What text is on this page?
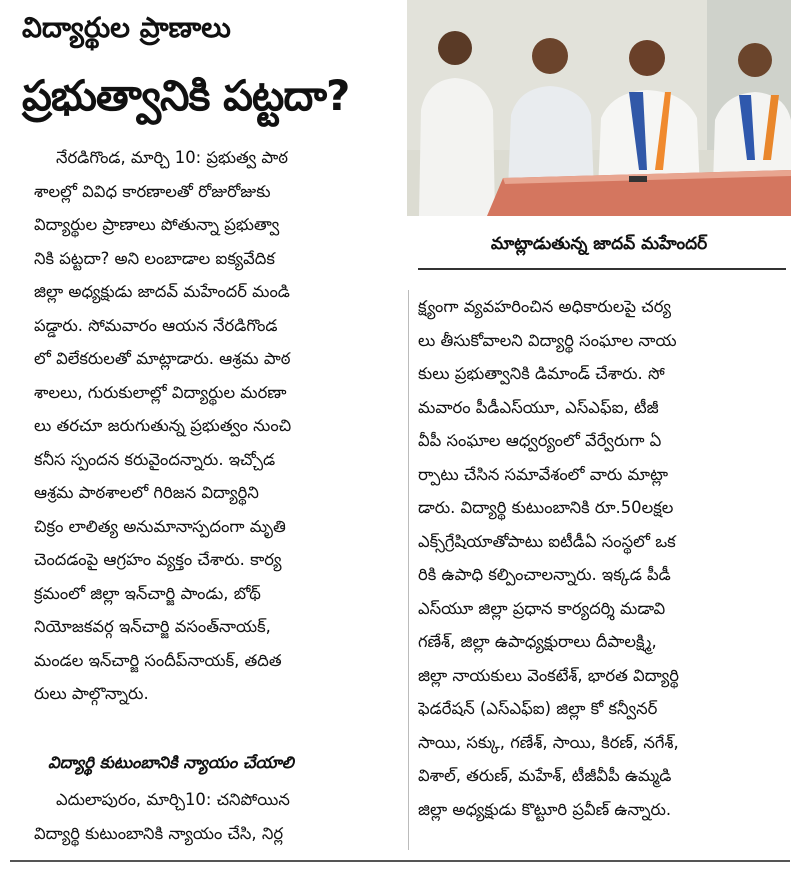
విద్యార్థుల ప్రాణాలు
ప్రభుత్వానికి పట్టదా?
నేరడిగొండ, మార్చి 10: ప్రభుత్వ పాఠ
శాలల్లో వివిధ కారణాలతో రోజురోజుకు
విద్యార్థుల ప్రాణాలు పోతున్నా ప్రభుత్వా
నికి పట్టదా? అని లంబాడాల ఐక్యవేదిక
జిల్లా అధ్యక్షుడు జాదవ్ మహేందర్ మండి
పడ్డారు. సోమవారం ఆయన నేరడిగొండ
లో విలేకరులతో మాట్లాడారు. ఆశ్రమ పాఠ
శాలలు, గురుకులాల్లో విద్యార్థుల మరణా
లు తరచూ జరుగుతున్న ప్రభుత్వం నుంచి
కనీస స్పందన కరువైందన్నారు. ఇచ్చోడ
ఆశ్రమ పాఠశాలలో గిరిజన విద్యార్థిని
చిక్రం లాలిత్య అనుమానాస్పదంగా మృతి
చెందడంపై ఆగ్రహం వ్యక్తం చేశారు. కార్య
క్రమంలో జిల్లా ఇన్‌చార్జి పాండు, బోథ్
నియోజకవర్గ ఇన్‌చార్జి వసంత్‌నాయక్,
మండల ఇన్‌చార్జి సందీప్‌నాయక్, తదిత
రులు పాల్గొన్నారు.
విద్యార్థి కుటుంబానికి న్యాయం చేయాలి
ఎదులాపురం, మార్చి10: చనిపోయిన
విద్యార్థి కుటుంబానికి న్యాయం చేసి, నిర్ల
మాట్లాడుతున్న జాదవ్ మహేందర్
క్ష్యంగా వ్యవహరించిన అధికారులపై చర్య
లు తీసుకోవాలని విద్యార్థి సంఘాల నాయ
కులు ప్రభుత్వానికి డిమాండ్ చేశారు. సో
మవారం పీడీఎస్‌యూ, ఎస్‌ఎఫ్‌ఐ, టీజీ
వీపీ సంఘాల ఆధ్వర్యంలో వేర్వేరుగా ఏ
ర్పాటు చేసిన సమావేశంలో వారు మాట్లా
డారు. విద్యార్థి కుటుంబానికి రూ.50లక్షల
ఎక్స్‌గ్రేషియాతోపాటు ఐటీడీఏ సంస్థలో ఒక
రికి ఉపాధి కల్పించాలన్నారు. ఇక్కడ పీడీ
ఎస్‌యూ జిల్లా ప్రధాన కార్యదర్శి మడావి
గణేశ్, జిల్లా ఉపాధ్యక్షురాలు దీపాలక్ష్మి,
జిల్లా నాయకులు వెంకటేశ్, భారత విద్యార్థి
ఫెడరేషన్ (ఎస్‌ఎఫ్‌ఐ) జిల్లా కో కన్వీనర్
సాయి, సక్కు, గణేశ్, సాయి, కిరణ్, నగేశ్,
విశాల్, తరుణ్, మహేశ్, టీజీవీపీ ఉమ్మడి
జిల్లా అధ్యక్షుడు కొట్టూరి ప్రవీణ్ ఉన్నారు.
